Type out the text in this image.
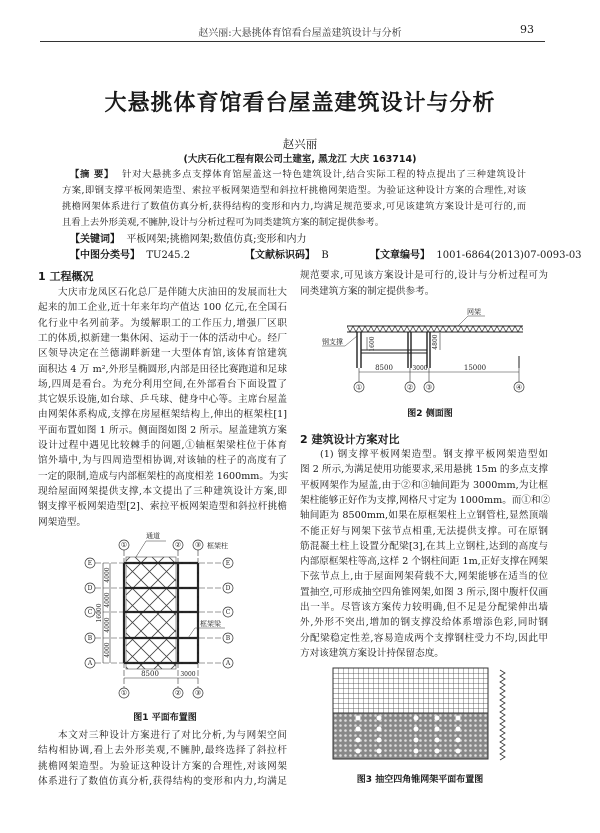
赵兴丽:大悬挑体育馆看台屋盖建筑设计与分析	93
大悬挑体育馆看台屋盖建筑设计与分析
赵兴丽
(大庆石化工程有限公司土建室, 黑龙江 大庆 163714)
【摘 要】 针对大悬挑多点支撑体育馆屋盖这一特色建筑设计,结合实际工程的特点提出了三种建筑设计
方案,即钢支撑平板网架造型、索拉平板网架造型和斜拉杆挑檐网架造型。为验证这种设计方案的合理性,对该
挑檐网架体系进行了数值仿真分析,获得结构的变形和内力,均满足规范要求,可见该建筑方案设计是可行的,而
且看上去外形美观,不臃肿,设计与分析过程可为同类建筑方案的制定提供参考。
【关键词】 平板网架;挑檐网架;数值仿真;变形和内力
【中图分类号】 TU245.2	【文献标识码】 B	【文章编号】 1001-6864(2013)07-0093-03
1 工程概况
大庆市龙凤区石化总厂是伴随大庆油田的发展而壮大
起来的加工企业,近十年来年均产值达 100 亿元,在全国石
化行业中名列前茅。为缓解职工的工作压力,增强厂区职
工的体质,拟新建一集休闲、运动于一体的活动中心。经厂
区领导决定在兰德湖畔新建一大型体育馆,该体育馆建筑
面积达 4 万 m²,外形呈椭圆形,内部是田径比赛跑道和足球
场,四周是看台。为充分利用空间,在外部看台下面设置了
其它娱乐设施,如台球、乒乓球、健身中心等。主席台屋盖
由网架体系构成,支撑在房屋框架结构上,伸出的框架柱[1]
平面布置如图 1 所示。侧面图如图 2 所示。屋盖建筑方案
设计过程中遇见比较棘手的问题,①轴框架梁柱位于体育
馆外墙中,为与四周造型相协调,对该轴的柱子的高度有了
一定的限制,造成与内部框架柱的高度相差 1600mm。为实
现给屋面网架提供支撑,本文提出了三种建筑设计方案,即
钢支撑平板网架造型[2]、索拉平板网架造型和斜拉杆挑檐
网架造型。
E
D
C
B
A
E
D
C
B
A
①	② ③
①	② ③
8500	3000
4000
4000
4000
4000
16000
通道
框架柱
框架梁
图1 平面布置图
本文对三种设计方案进行了对比分析,为与网架空间
结构相协调,看上去外形美观,不臃肿,最终选择了斜拉杆
挑檐网架造型。为验证这种设计方案的合理性,对该网架
体系进行了数值仿真分析,获得结构的变形和内力,均满足
规范要求,可见该方案设计是可行的,设计与分析过程可为
同类建筑方案的制定提供参考。
①	② ③	④
8500	3000	15000
1600	4800
网架
钢支撑
图2 侧面图
2 建筑设计方案对比
(1) 钢支撑平板网架造型。钢支撑平板网架造型如
图 2 所示,为满足使用功能要求,采用悬挑 15m 的多点支撑
平板网架作为屋盖,由于②和③轴间距为 3000mm,为让框
架柱能够正好作为支撑,网格尺寸定为 1000mm。而①和②
轴间距为 8500mm,如果在原框架柱上立钢管柱,显然顶端
不能正好与网架下弦节点相重,无法提供支撑。可在原钢
筋混凝土柱上设置分配梁[3],在其上立钢柱,达到的高度与
内部原框架柱等高,这样 2 个钢柱间距 1m,正好支撑在网架
下弦节点上,由于屋面网架荷载不大,网架能够在适当的位
置抽空,可形成抽空四角锥网架,如图 3 所示,图中腹杆仅画
出一半。尽管该方案传力较明确,但不足是分配梁伸出墙
外,外形不突出,增加的钢支撑没给体系增添色彩,同时钢
分配梁稳定性差,容易造成两个支撑钢柱受力不均,因此甲
方对该建筑方案设计持保留态度。
图3 抽空四角锥网架平面布置图
